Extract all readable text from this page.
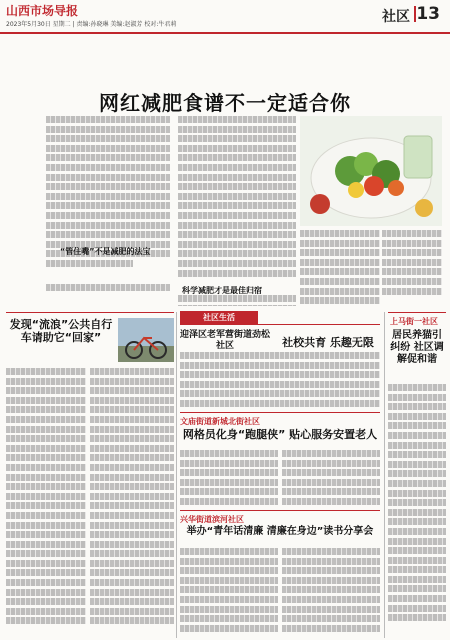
山西市场导报
2023年5月30日 星期二 | 责编:孙晓琳 美编:赵淑芳 校对:牛君莉	社区 13
网红减肥食谱不一定适合你
“管住嘴”不是减肥的法宝
科学减肥才是最佳归宿
发现“流浪”公共自行车请助它“回家”
社区生活
迎泽区老军营街道劲松社区	社校共育 乐趣无限
文庙街道新城北街社区
网格员化身“跑腿侠” 贴心服务安置老人
兴华街道滨河社区
举办“青年话清廉 清廉在身边”读书分享会
上马街一社区
居民养猫引纠纷 社区调解促和谐
